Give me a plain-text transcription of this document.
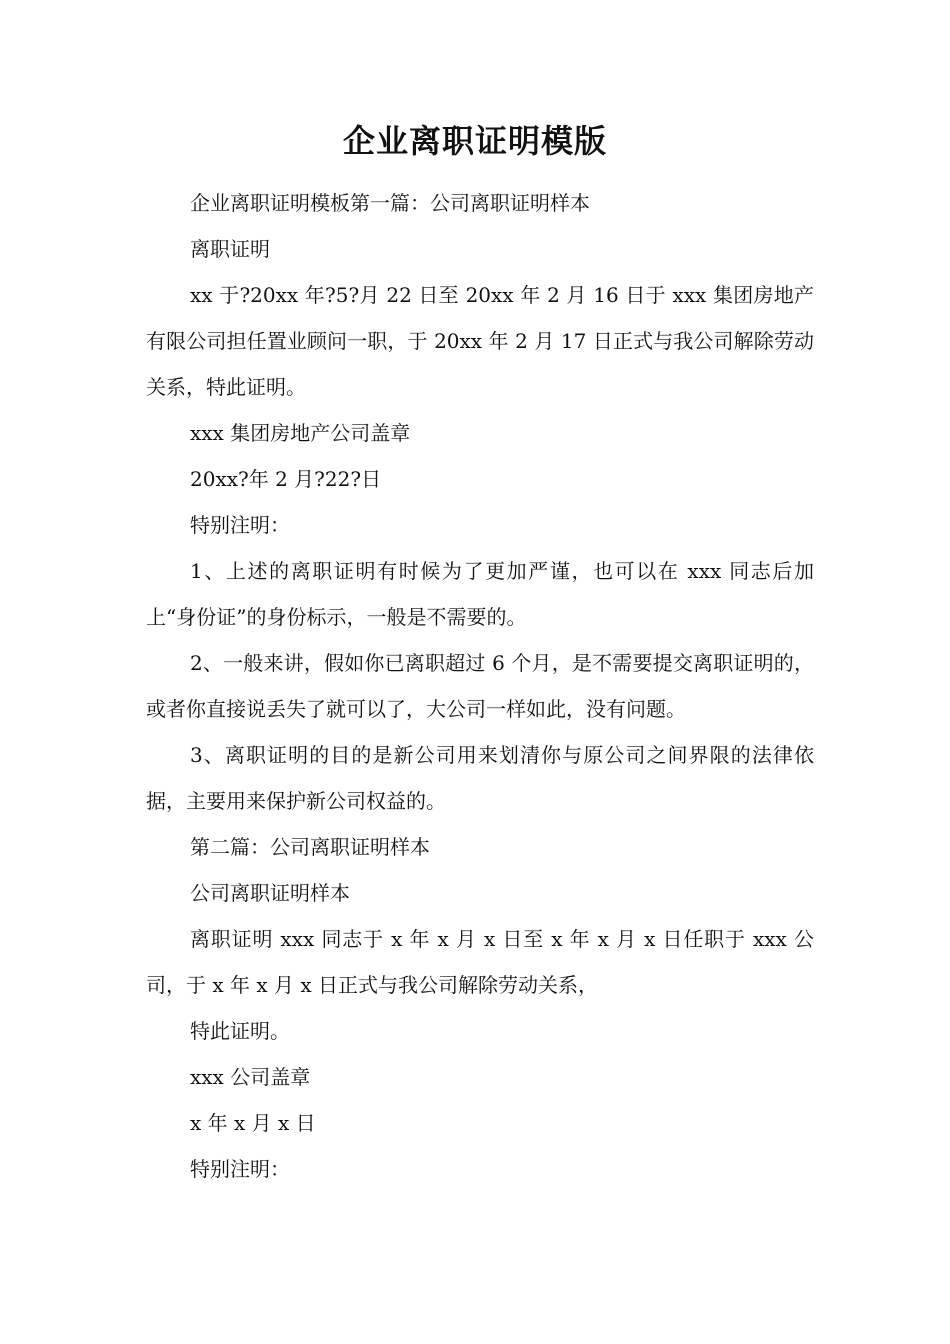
企业离职证明模版

企业离职证明模板第一篇：公司离职证明样本

离职证明

xx 于?20xx 年?5?月 22 日至 20xx 年 2 月 16 日于 xxx 集团房地产有限公司担任置业顾问一职，于 20xx 年 2 月 17 日正式与我公司解除劳动关系，特此证明。

xxx 集团房地产公司盖章

20xx?年 2 月?22?日

特别注明：

1、上述的离职证明有时候为了更加严谨，也可以在 xxx 同志后加上“身份证”的身份标示，一般是不需要的。

2、一般来讲，假如你已离职超过 6 个月，是不需要提交离职证明的，或者你直接说丢失了就可以了，大公司一样如此，没有问题。

3、离职证明的目的是新公司用来划清你与原公司之间界限的法律依据，主要用来保护新公司权益的。

第二篇：公司离职证明样本

公司离职证明样本

离职证明 xxx 同志于 x 年 x 月 x 日至 x 年 x 月 x 日任职于 xxx 公司，于 x 年 x 月 x 日正式与我公司解除劳动关系，

特此证明。

xxx 公司盖章

x 年 x 月 x 日

特别注明：
